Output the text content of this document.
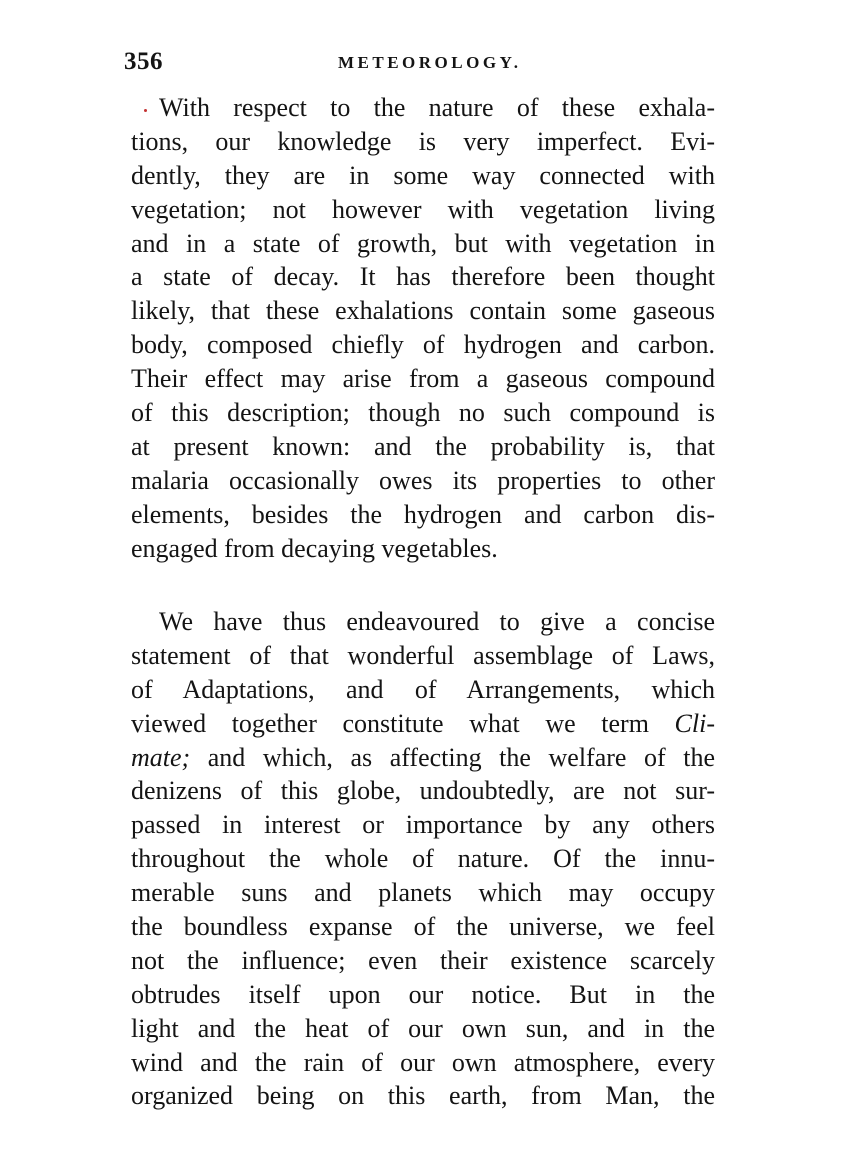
356	METEOROLOGY.
With respect to the nature of these exhala-
tions, our knowledge is very imperfect. Evi-
dently, they are in some way connected with
vegetation; not however with vegetation living
and in a state of growth, but with vegetation in
a state of decay. It has therefore been thought
likely, that these exhalations contain some gaseous
body, composed chiefly of hydrogen and carbon.
Their effect may arise from a gaseous compound
of this description; though no such compound is
at present known: and the probability is, that
malaria occasionally owes its properties to other
elements, besides the hydrogen and carbon dis-
engaged from decaying vegetables.
We have thus endeavoured to give a concise
statement of that wonderful assemblage of Laws,
of Adaptations, and of Arrangements, which
viewed together constitute what we term Cli-
mate; and which, as affecting the welfare of the
denizens of this globe, undoubtedly, are not sur-
passed in interest or importance by any others
throughout the whole of nature. Of the innu-
merable suns and planets which may occupy
the boundless expanse of the universe, we feel
not the influence; even their existence scarcely
obtrudes itself upon our notice. But in the
light and the heat of our own sun, and in the
wind and the rain of our own atmosphere, every
organized being on this earth, from Man, the
